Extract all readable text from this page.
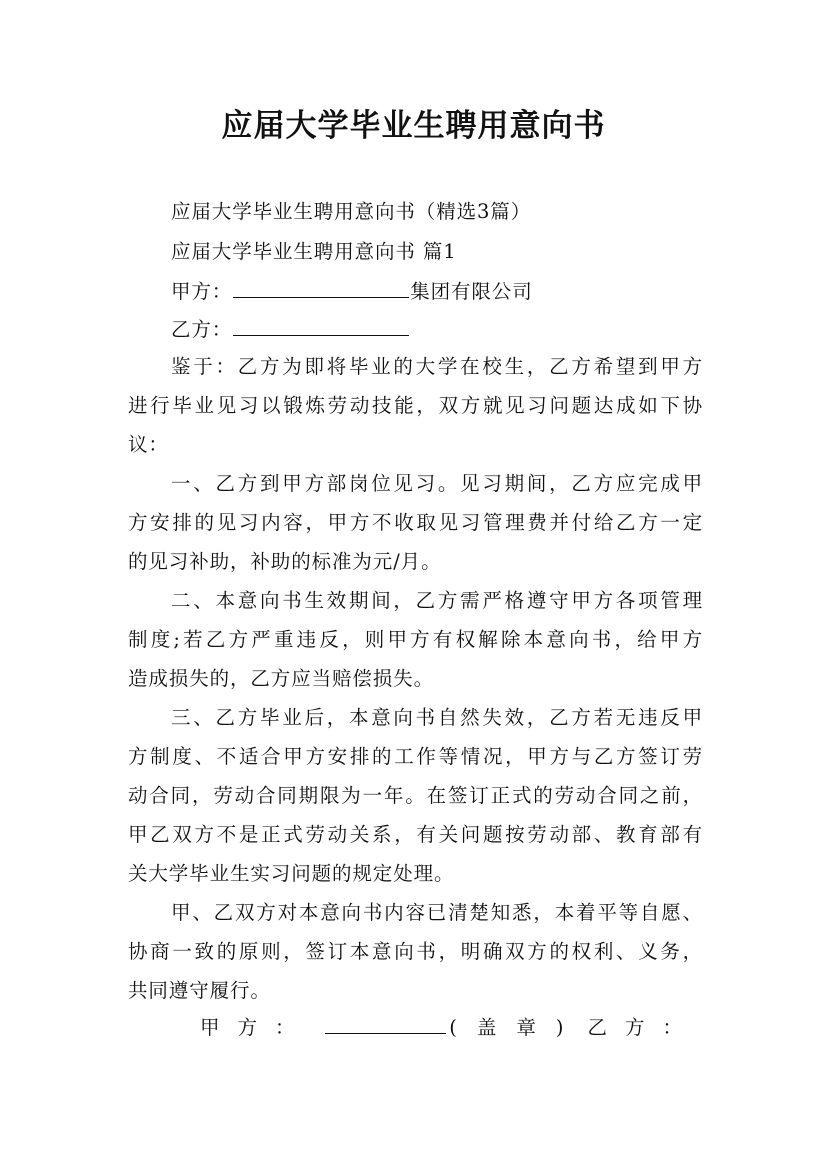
应届大学毕业生聘用意向书

应届大学毕业生聘用意向书（精选3篇）

应届大学毕业生聘用意向书 篇1

甲方：	集团有限公司

乙方：

鉴于：乙方为即将毕业的大学在校生，乙方希望到甲方

进行毕业见习以锻炼劳动技能，双方就见习问题达成如下协

议：

一、乙方到甲方部岗位见习。见习期间，乙方应完成甲

方安排的见习内容，甲方不收取见习管理费并付给乙方一定

的见习补助，补助的标准为元/月。

二、本意向书生效期间，乙方需严格遵守甲方各项管理

制度;若乙方严重违反，则甲方有权解除本意向书，给甲方

造成损失的，乙方应当赔偿损失。

三、乙方毕业后，本意向书自然失效，乙方若无违反甲

方制度、不适合甲方安排的工作等情况，甲方与乙方签订劳

动合同，劳动合同期限为一年。在签订正式的劳动合同之前，

甲乙双方不是正式劳动关系，有关问题按劳动部、教育部有

关大学毕业生实习问题的规定处理。

甲、乙双方对本意向书内容已清楚知悉，本着平等自愿、

协商一致的原则，签订本意向书，明确双方的权利、义务，

共同遵守履行。

甲方：	(盖章) 乙方：
